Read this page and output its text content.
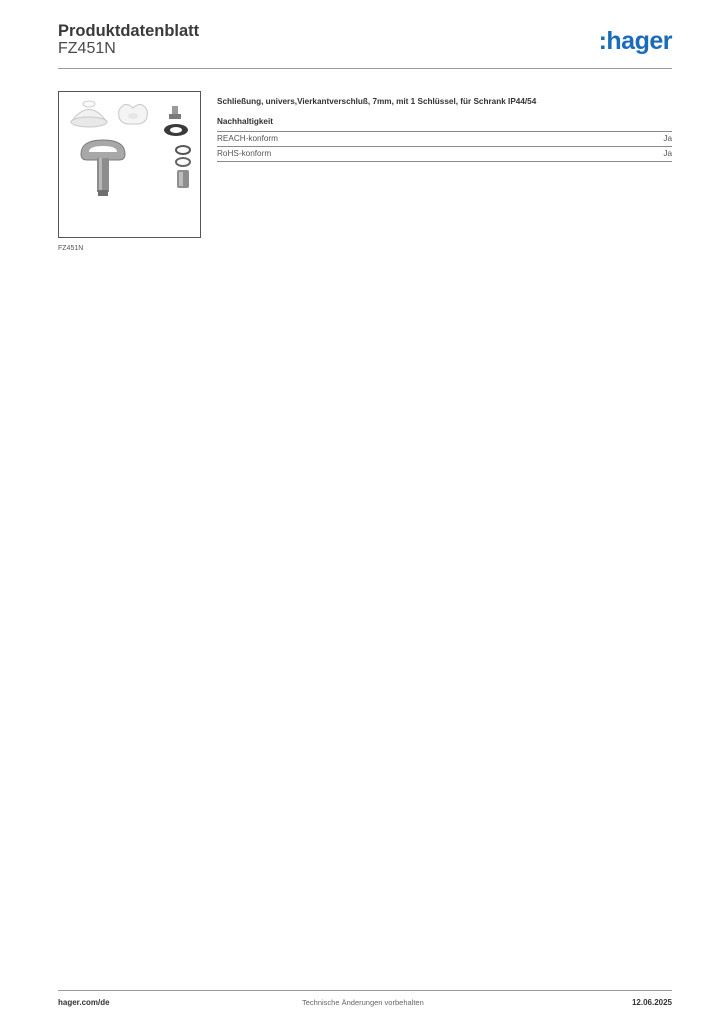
Produktdatenblatt
FZ451N	:hager
FZ451N
Schließung, univers,Vierkantverschluß, 7mm, mit 1 Schlüssel, für Schrank IP44/54
Nachhaltigkeit
REACH-konform	Ja
RoHS-konform	Ja
hager.com/de	Technische Änderungen vorbehalten	12.06.2025
